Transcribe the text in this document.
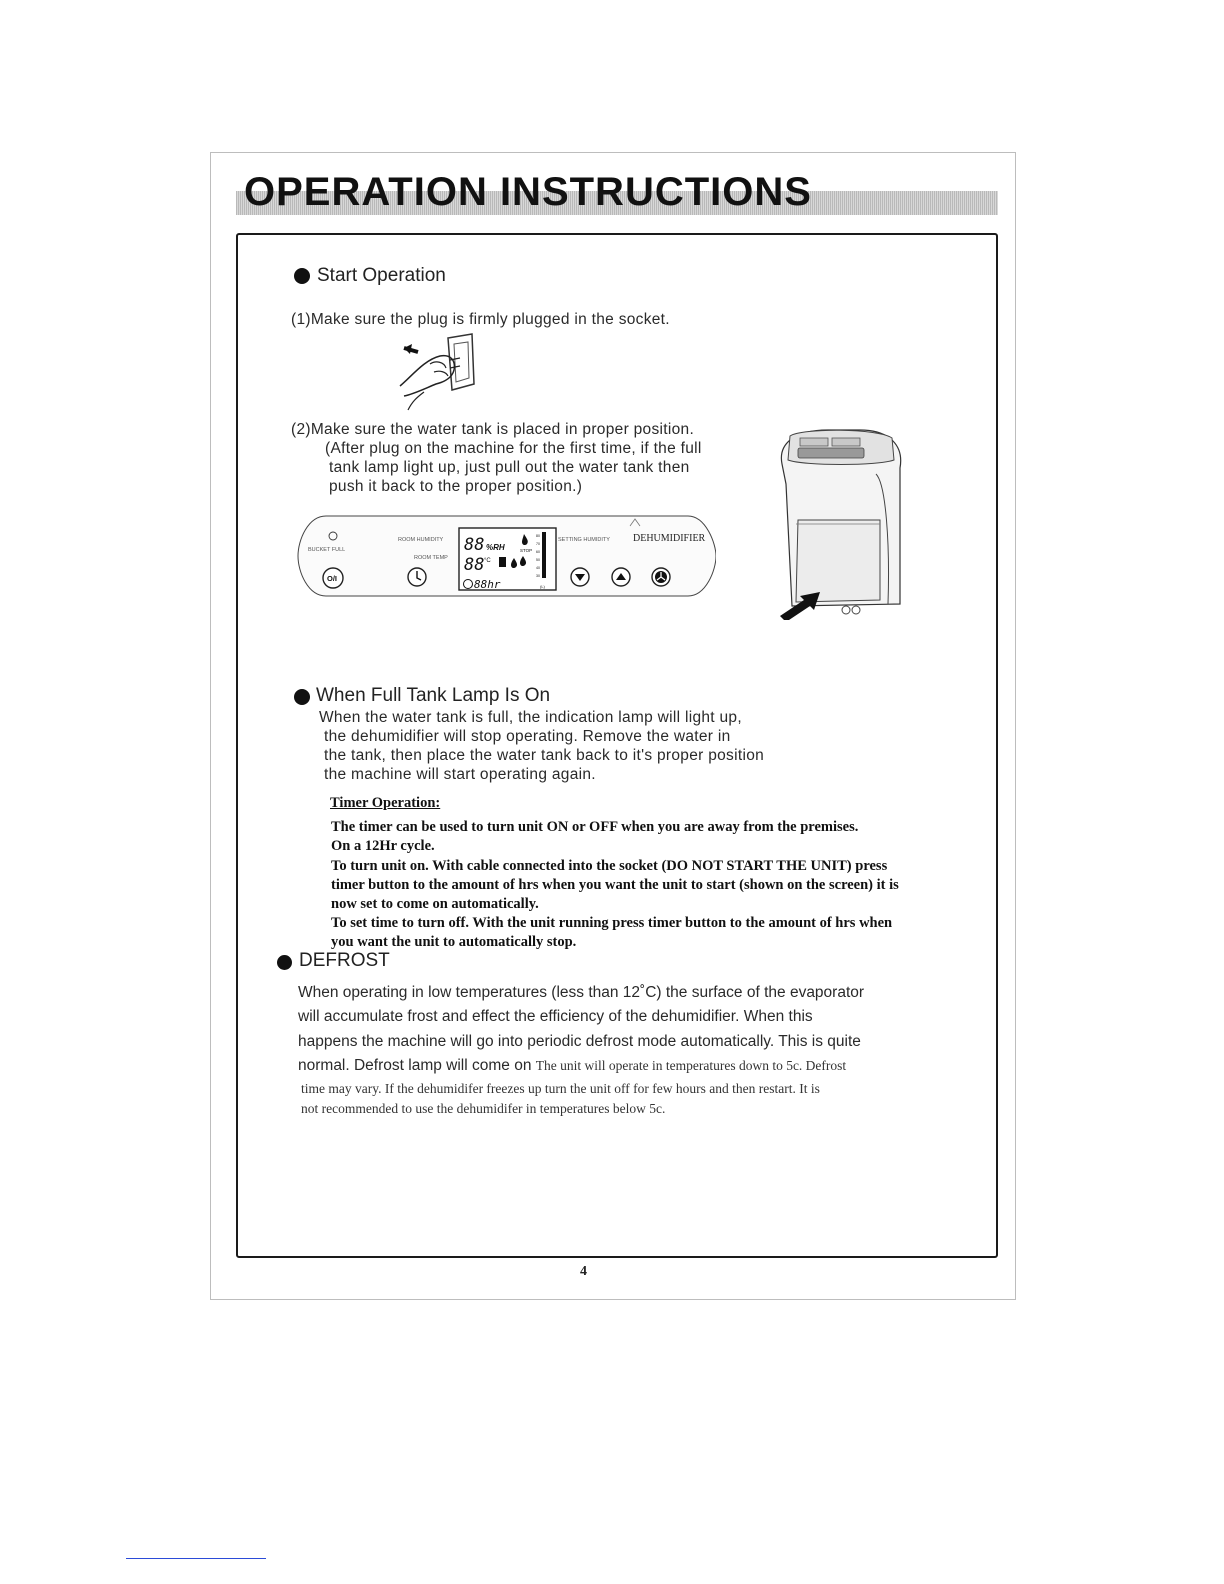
OPERATION INSTRUCTIONS

Start Operation

(1)Make sure the plug is firmly plugged in the socket.

(2)Make sure the water tank is placed in proper position.

(After plug on the machine for the first time, if the full

tank lamp light up, just pull out the water tank then

push it back to the proper position.)

BUCKET FULL
ROOM HUMIDITY
ROOM TEMP
SETTING HUMIDITY DEHUMIDIFIER
88 %RH	STOP
88 °C
88hr
80
70
60
50
40
30
(L)
O/I

When Full Tank Lamp Is On

When the water tank is full, the indication lamp will light up,

the dehumidifier will stop operating. Remove the water in

the tank, then place the water tank back to it's proper position

the machine will start operating again.

Timer Operation:

The timer can be used to turn unit ON or OFF when you are away from the premises.

On a 12Hr cycle.

To turn unit on. With cable connected into the socket (DO NOT START THE UNIT) press

timer button to the amount of hrs when you want the unit to start (shown on the screen) it is

now set to come on automatically.

To set time to turn off. With the unit running press timer button to the amount of hrs when

you want the unit to automatically stop.

DEFROST

When operating in low temperatures (less than 12˚C) the surface of the evaporator

will accumulate frost and effect the efficiency of the dehumidifier. When this

happens the machine will go into periodic defrost mode automatically. This is quite

normal. Defrost lamp will come on The unit will operate in temperatures down to 5c. Defrost

time may vary. If the dehumidifer freezes up turn the unit off for few hours and then restart. It is

not recommended to use the dehumidifer in temperatures below 5c.

4
